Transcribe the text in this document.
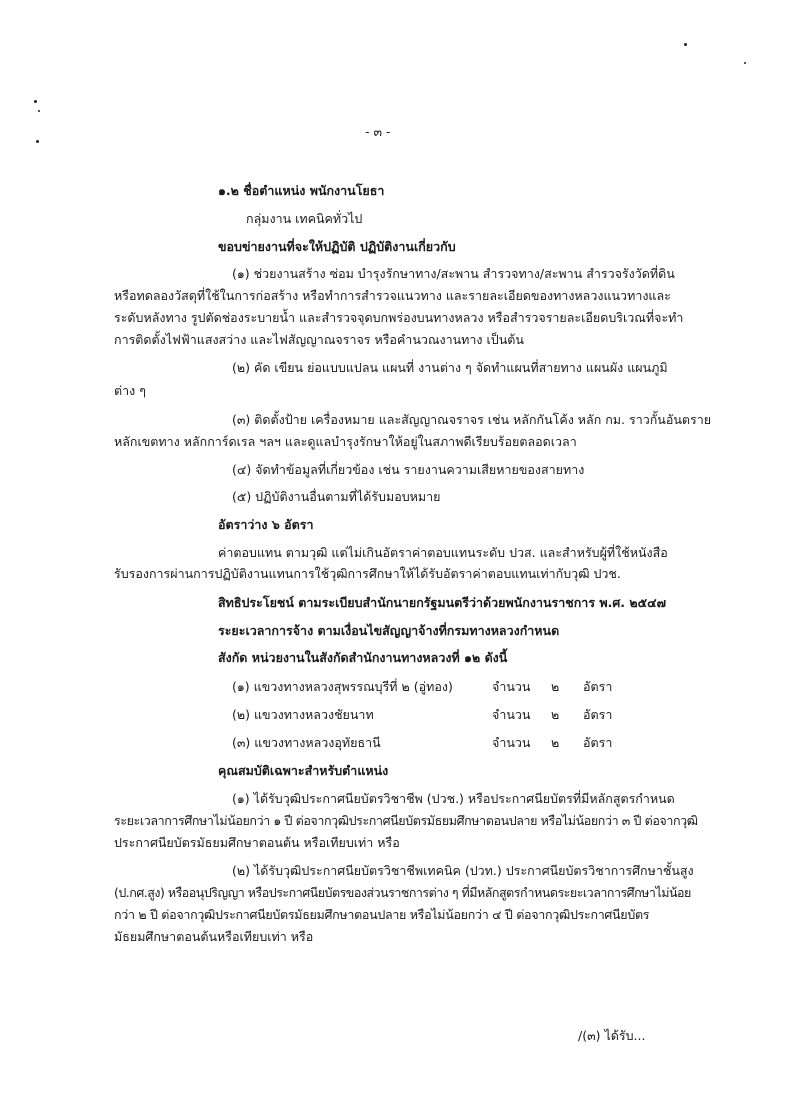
- ๓ -
๑.๒ ชื่อตำแหน่ง พนักงานโยธา
กลุ่มงาน เทคนิคทั่วไป
ขอบข่ายงานที่จะให้ปฏิบัติ ปฏิบัติงานเกี่ยวกับ
(๑) ช่วยงานสร้าง ซ่อม บำรุงรักษาทาง/สะพาน สำรวจทาง/สะพาน สำรวจรังวัดที่ดิน
หรือทดลองวัสดุที่ใช้ในการก่อสร้าง หรือทำการสำรวจแนวทาง และรายละเอียดของทางหลวงแนวทางและ
ระดับหลังทาง รูปตัดช่องระบายน้ำ และสำรวจจุดบกพร่องบนทางหลวง หรือสำรวจรายละเอียดบริเวณที่จะทำ
การติดตั้งไฟฟ้าแสงสว่าง และไฟสัญญาณจราจร หรือคำนวณงานทาง เป็นต้น
(๒) คัด เขียน ย่อแบบแปลน แผนที่ งานต่าง ๆ จัดทำแผนที่สายทาง แผนผัง แผนภูมิ
ต่าง ๆ
(๓) ติดตั้งป้าย เครื่องหมาย และสัญญาณจราจร เช่น หลักกันโค้ง หลัก กม. ราวกั้นอันตราย
หลักเขตทาง หลักการ์ดเรล ฯลฯ และดูแลบำรุงรักษาให้อยู่ในสภาพดีเรียบร้อยตลอดเวลา
(๔) จัดทำข้อมูลที่เกี่ยวข้อง เช่น รายงานความเสียหายของสายทาง
(๕) ปฏิบัติงานอื่นตามที่ได้รับมอบหมาย
อัตราว่าง ๖ อัตรา
ค่าตอบแทน ตามวุฒิ แต่ไม่เกินอัตราค่าตอบแทนระดับ ปวส. และสำหรับผู้ที่ใช้หนังสือ
รับรองการผ่านการปฏิบัติงานแทนการใช้วุฒิการศึกษาให้ได้รับอัตราค่าตอบแทนเท่ากับวุฒิ ปวช.
สิทธิประโยชน์ ตามระเบียบสำนักนายกรัฐมนตรีว่าด้วยพนักงานราชการ พ.ศ. ๒๕๔๗
ระยะเวลาการจ้าง ตามเงื่อนไขสัญญาจ้างที่กรมทางหลวงกำหนด
สังกัด หน่วยงานในสังกัดสำนักงานทางหลวงที่ ๑๒ ดังนี้
(๑) แขวงทางหลวงสุพรรณบุรีที่ ๒ (อู่ทอง)	จำนวน ๒ อัตรา
(๒) แขวงทางหลวงชัยนาท	จำนวน ๒ อัตรา
(๓) แขวงทางหลวงอุทัยธานี	จำนวน ๒ อัตรา
คุณสมบัติเฉพาะสำหรับตำแหน่ง
(๑) ได้รับวุฒิประกาศนียบัตรวิชาชีพ (ปวช.) หรือประกาศนียบัตรที่มีหลักสูตรกำหนด
ระยะเวลาการศึกษาไม่น้อยกว่า ๑ ปี ต่อจากวุฒิประกาศนียบัตรมัธยมศึกษาตอนปลาย หรือไม่น้อยกว่า ๓ ปี ต่อจากวุฒิ
ประกาศนียบัตรมัธยมศึกษาตอนต้น หรือเทียบเท่า หรือ
(๒) ได้รับวุฒิประกาศนียบัตรวิชาชีพเทคนิค (ปวท.) ประกาศนียบัตรวิชาการศึกษาชั้นสูง
(ป.กศ.สูง) หรืออนุปริญญา หรือประกาศนียบัตรของส่วนราชการต่าง ๆ ที่มีหลักสูตรกำหนดระยะเวลาการศึกษาไม่น้อย
กว่า ๒ ปี ต่อจากวุฒิประกาศนียบัตรมัธยมศึกษาตอนปลาย หรือไม่น้อยกว่า ๔ ปี ต่อจากวุฒิประกาศนียบัตร
มัธยมศึกษาตอนต้นหรือเทียบเท่า หรือ
/(๓) ได้รับ...
